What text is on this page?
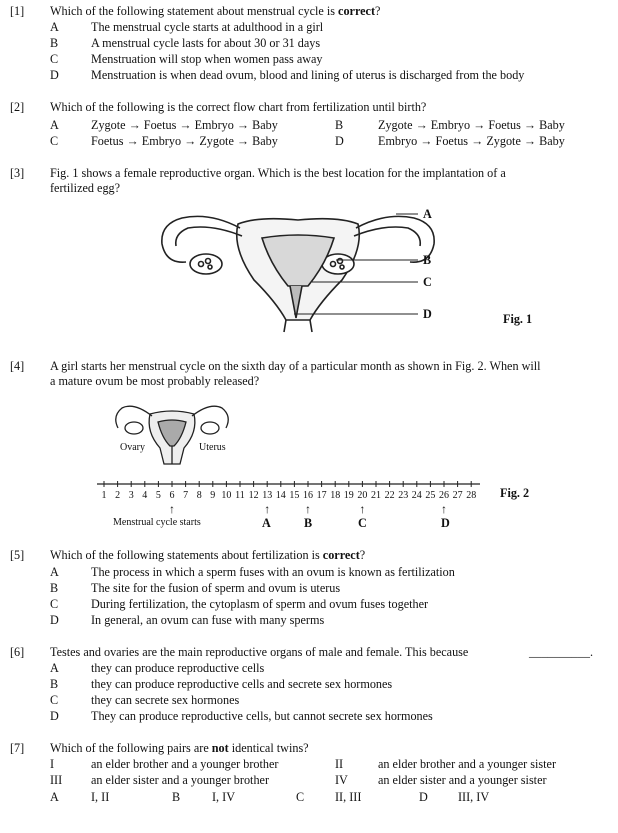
[1] Which of the following statement about menstrual cycle is correct?
A	The menstrual cycle starts at adulthood in a girl
B	A menstrual cycle lasts for about 30 or 31 days
C	Menstruation will stop when women pass away
D	Menstruation is when dead ovum, blood and lining of uterus is discharged from the body
[2] Which of the following is the correct flow chart from fertilization until birth?
A	Zygote → Foetus → Embryo → Baby	B	Zygote → Embryo → Foetus → Baby
C	Foetus → Embryo → Zygote → Baby	D	Embryo → Foetus → Zygote → Baby
[3] Fig. 1 shows a female reproductive organ. Which is the best location for the implantation of a
fertilized egg?
A
B
C
D	Fig. 1
[4] A girl starts her menstrual cycle on the sixth day of a particular month as shown in Fig. 2. When will
a mature ovum be most probably released?
Ovary	Uterus
1 2 3 4 5 6 7 8 9 10 11 12 13 14 15 16 17 18 19 20 21 22 23 24 25 26 27 28
↑	↑	↑	↑	↑
Menstrual cycle starts	A	B	C	D
Fig. 2
[5] Which of the following statements about fertilization is correct?
A	The process in which a sperm fuses with an ovum is known as fertilization
B	The site for the fusion of sperm and ovum is uterus
C	During fertilization, the cytoplasm of sperm and ovum fuses together
D	In general, an ovum can fuse with many sperms
[6] Testes and ovaries are the main reproductive organs of male and female. This because	__________.
A	they can produce reproductive cells
B	they can produce reproductive cells and secrete sex hormones
C	they can secrete sex hormones
D	They can produce reproductive cells, but cannot secrete sex hormones
[7] Which of the following pairs are not identical twins?
I	an elder brother and a younger brother	II	an elder brother and a younger sister
III	an elder sister and a younger brother	IV an elder sister and a younger sister
A	I, II	B	I, IV	C	II, III	D III, IV
